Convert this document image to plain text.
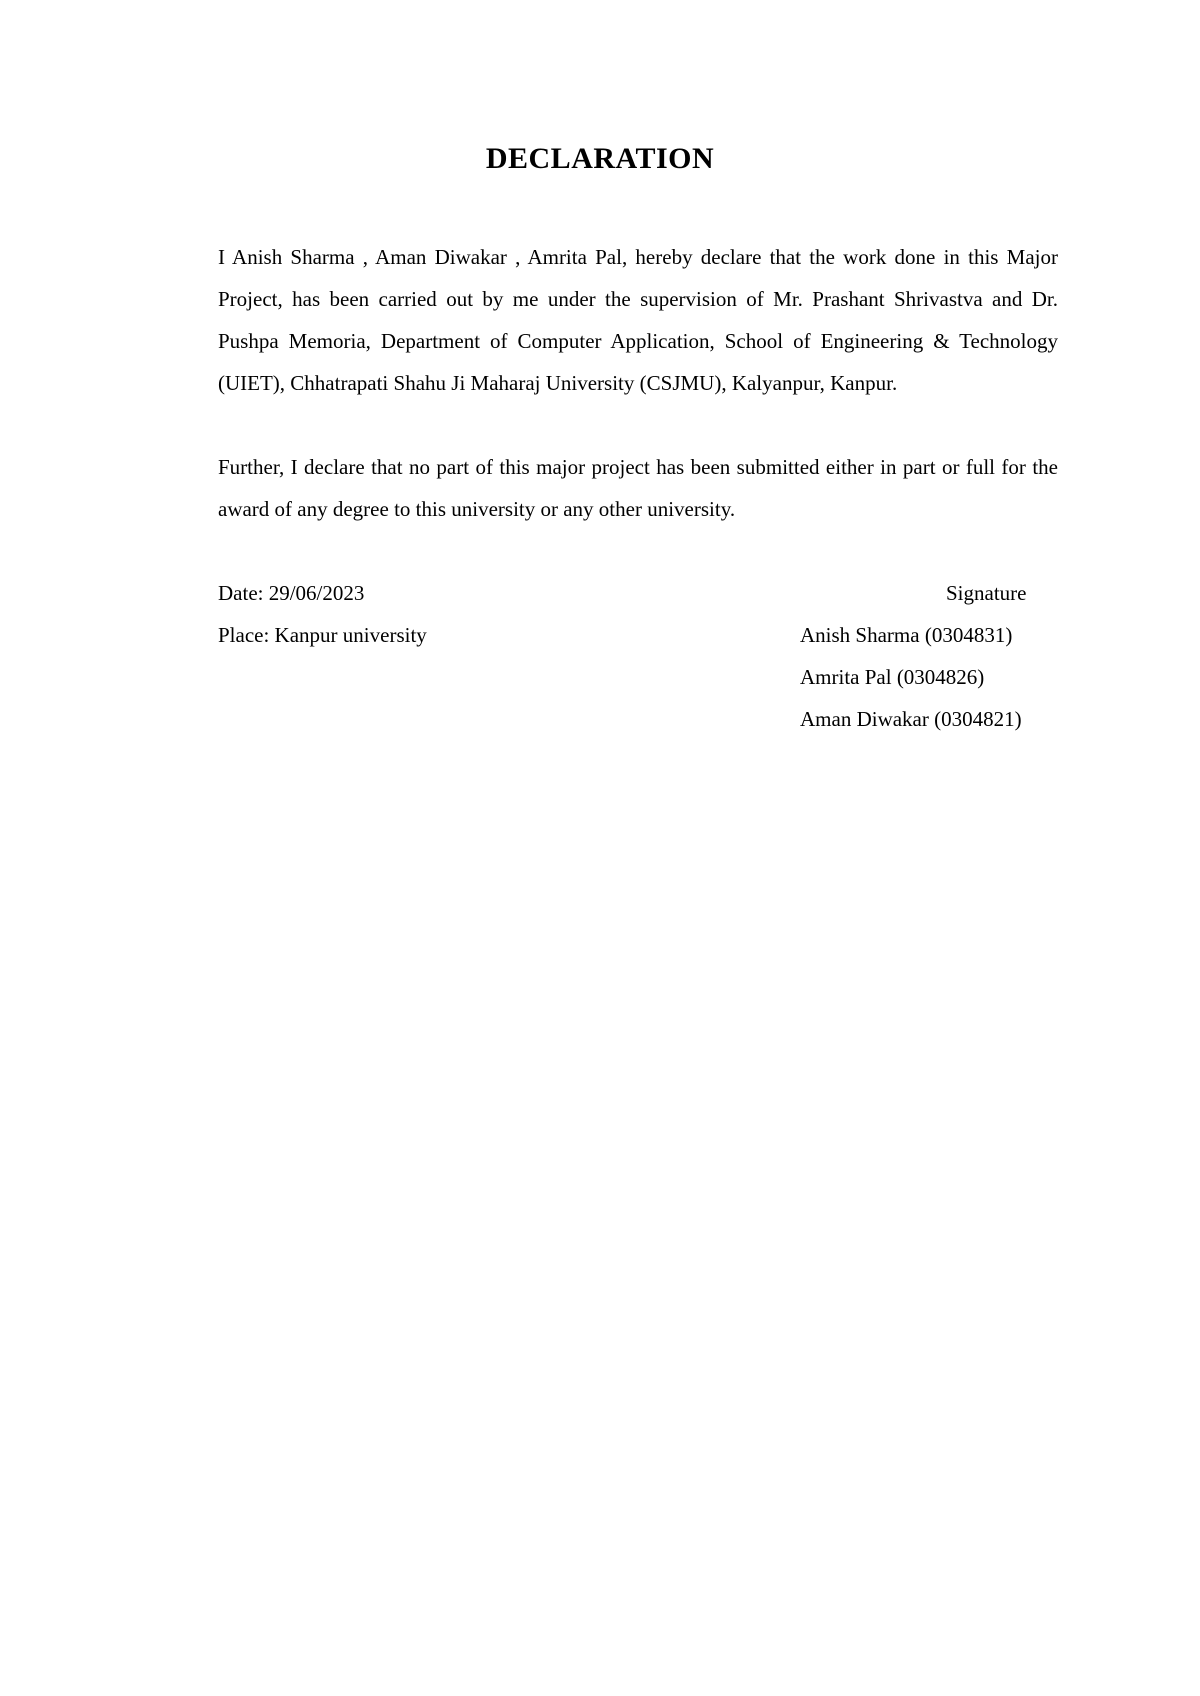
DECLARATION
I Anish Sharma , Aman Diwakar , Amrita Pal, hereby declare that the work done in this Major Project, has been carried out by me under the supervision of Mr. Prashant Shrivastva and Dr. Pushpa Memoria, Department of Computer Application, School of Engineering & Technology (UIET), Chhatrapati Shahu Ji Maharaj University (CSJMU), Kalyanpur, Kanpur.
Further, I declare that no part of this major project has been submitted either in part or full for the award of any degree to this university or any other university.
Date: 29/06/2023
Place: Kanpur university
Signature
Anish Sharma (0304831)
Amrita Pal (0304826)
Aman Diwakar (0304821)
